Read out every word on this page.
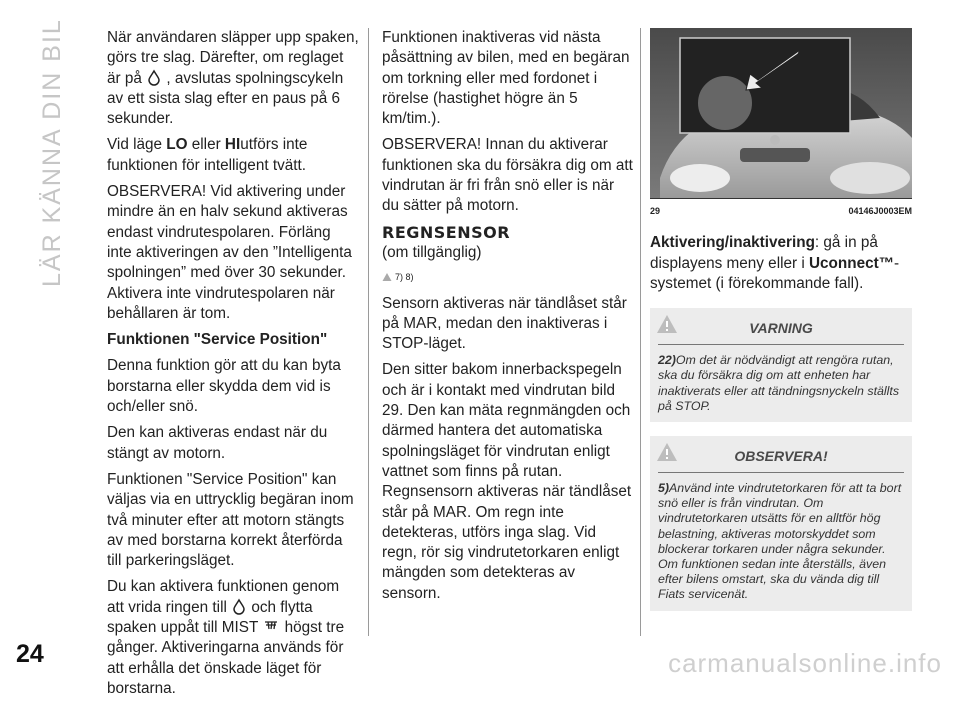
LÄR KÄNNA DIN BIL	När användaren släpper upp spaken, görs tre slag. Därefter, om reglaget är på , avslutas spolningscykeln av ett sista slag efter en paus på 6 sekunder.

Vid läge LO eller HIutförs inte funktionen för intelligent tvätt.

OBSERVERA! Vid aktivering under mindre än en halv sekund aktiveras endast vindrutespolaren. Förläng inte aktiveringen av den ”Intelligenta spolningen” med över 30 sekunder. Aktivera inte vindrutespolaren när behållaren är tom.

Funktionen "Service Position"

Denna funktion gör att du kan byta borstarna eller skydda dem vid is och/eller snö.

Den kan aktiveras endast när du stängt av motorn.

Funktionen "Service Position" kan väljas via en uttrycklig begäran inom två minuter efter att motorn stängts av med borstarna korrekt återförda till parkeringsläget.

Du kan aktivera funktionen genom att vrida ringen till och flytta spaken uppåt till MIST högst tre gånger. Aktiveringarna används för att erhålla det önskade läget för borstarna.

Funktionen inaktiveras vid nästa påsättning av bilen, med en begäran om torkning eller med fordonet i rörelse (hastighet högre än 5 km/tim.).

OBSERVERA! Innan du aktiverar funktionen ska du försäkra dig om att vindrutan är fri från snö eller is när du sätter på motorn.

REGNSENSOR
(om tillgänglig)
7) 8)

Sensorn aktiveras när tändlåset står på MAR, medan den inaktiveras i STOP-läget.

Den sitter bakom innerbackspegeln och är i kontakt med vindrutan bild 29. Den kan mäta regnmängden och därmed hantera det automatiska spolningsläget för vindrutan enligt vattnet som finns på rutan. Regnsensorn aktiveras när tändlåset står på MAR. Om regn inte detekteras, utförs inga slag. Vid regn, rör sig vindrutetorkaren enligt mängden som detekteras av sensorn.

29	04146J0003EM

Aktivering/inaktivering: gå in på displayens meny eller i Uconnect™-systemet (i förekommande fall).

VARNING
22)Om det är nödvändigt att rengöra rutan, ska du försäkra dig om att enheten har inaktiverats eller att tändningsnyckeln ställts på STOP.
OBSERVERA!
5)Använd inte vindrutetorkaren för att ta bort snö eller is från vindrutan. Om vindrutetorkaren utsätts för en alltför hög belastning, aktiveras motorskyddet som blockerar torkaren under några sekunder. Om funktionen sedan inte återställs, även efter bilens omstart, ska du vända dig till Fiats servicenät.
24	carmanualsonline.info
